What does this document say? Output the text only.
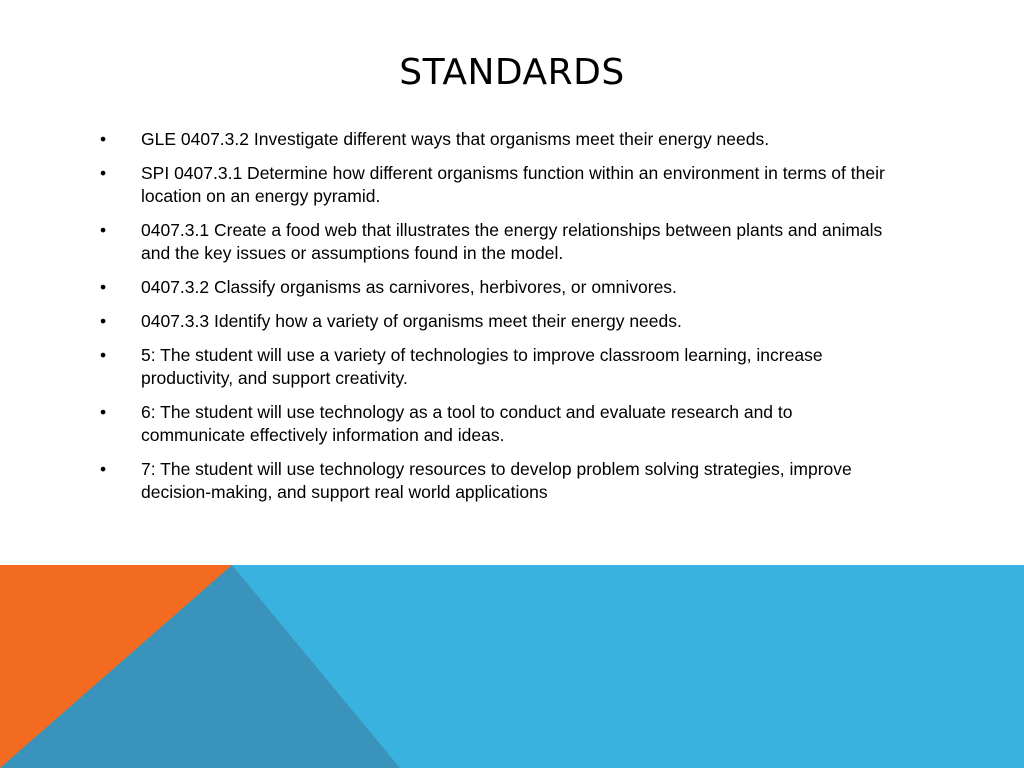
STANDARDS
• GLE 0407.3.2 Investigate different ways that organisms meet their energy needs.
• SPI 0407.3.1 Determine how different organisms function within an environment in terms of their location on an energy pyramid.
• 0407.3.1 Create a food web that illustrates the energy relationships between plants and animals and the key issues or assumptions found in the model.
• 0407.3.2 Classify organisms as carnivores, herbivores, or omnivores.
• 0407.3.3 Identify how a variety of organisms meet their energy needs.
• 5: The student will use a variety of technologies to improve classroom learning, increase productivity, and support creativity.
• 6: The student will use technology as a tool to conduct and evaluate research and to communicate effectively information and ideas.
• 7: The student will use technology resources to develop problem solving strategies, improve decision-making, and support real world applications
